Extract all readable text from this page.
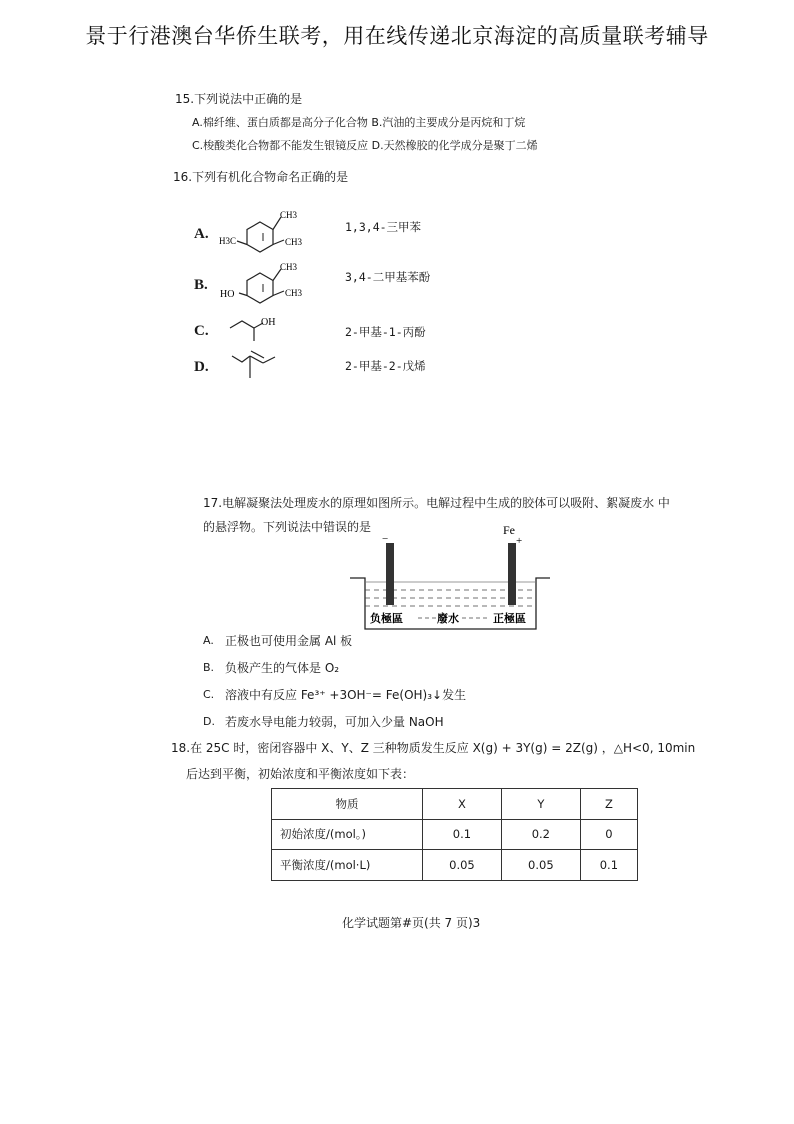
景于行港澳台华侨生联考，用在线传递北京海淀的高质量联考辅导
15.下列说法中正确的是
A.棉纤维、蛋白质都是高分子化合物 B.汽油的主要成分是丙烷和丁烷
C.梭酸类化合物都不能发生银镜反应 D.天然橡胶的化学成分是聚丁二烯
16.下列有机化合物命名正确的是
A.
CH3
CH3
H3C
1,3,4-三甲苯
B.
CH3
CH3
HO
3,4-二甲基苯酚
C.
OH
2-甲基-1-丙酚
D.	2-甲基-2-戊烯
17.电解凝聚法处理废水的原理如图所示。电解过程中生成的胶体可以吸附、絮凝废水 中
的悬浮物。下列说法中错误的是
−	+
Fe
负極區	廢水	正極區
A. 正极也可使用金属 Al 板
B. 负极产生的气体是 O₂
C. 溶液中有反应 Fe³⁺ +3OH⁻= Fe(OH)₃↓发生
D. 若废水导电能力较弱，可加入少量 NaOH
18.在 25C 时，密闭容器中 X、Y、Z 三种物质发生反应 X(g) + 3Y(g) = 2Z(g) ，△H<0, 10min
后达到平衡，初始浓度和平衡浓度如下表：
物质	X	Y	Z
初始浓度/(mol。)	0.1	0.2	0
平衡浓度/(mol·L)	0.05	0.05	0.1
化学试题第#页(共 7 页)3
